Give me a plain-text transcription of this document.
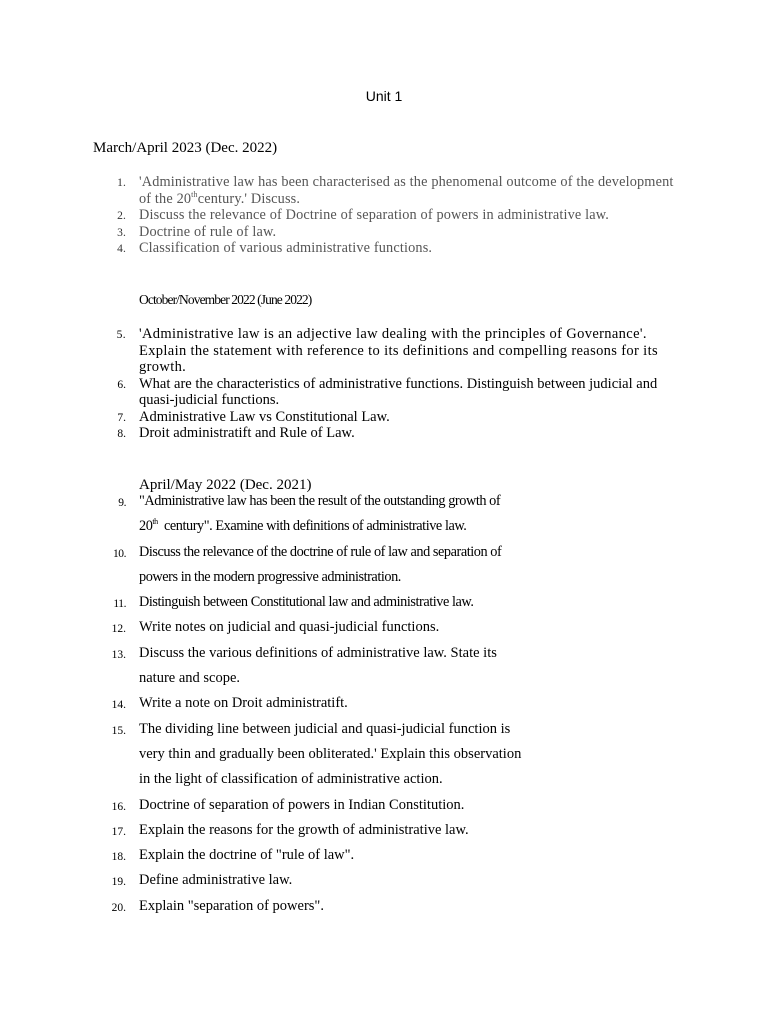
Unit 1
March/April 2023 (Dec. 2022)
1. 'Administrative law has been characterised as the phenomenal outcome of the development of the 20thcentury.' Discuss.
2. Discuss the relevance of Doctrine of separation of powers in administrative law.
3. Doctrine of rule of law.
4. Classification of various administrative functions.
October/November 2022 (June 2022)
5. 'Administrative law is an adjective law dealing with the principles of Governance'. Explain the statement with reference to its definitions and compelling reasons for its growth.
6. What are the characteristics of administrative functions. Distinguish between judicial and quasi-judicial functions.
7. Administrative Law vs Constitutional Law.
8. Droit administratift and Rule of Law.
April/May 2022 (Dec. 2021)
9. "Administrative law has been the result of the outstanding growth of
20th  century". Examine with definitions of administrative law.
10. Discuss the relevance of the doctrine of rule of law and separation of
powers in the modern progressive administration.
11. Distinguish between Constitutional law and administrative law.
12. Write notes on judicial and quasi-judicial functions.
13. Discuss the various definitions of administrative law. State its
nature and scope.
14. Write a note on Droit administratift.
15. The dividing line between judicial and quasi-judicial function is
very thin and gradually been obliterated.' Explain this observation
in the light of classification of administrative action.
16. Doctrine of separation of powers in Indian Constitution.
17. Explain the reasons for the growth of administrative law.
18. Explain the doctrine of "rule of law".
19. Define administrative law.
20. Explain "separation of powers".
